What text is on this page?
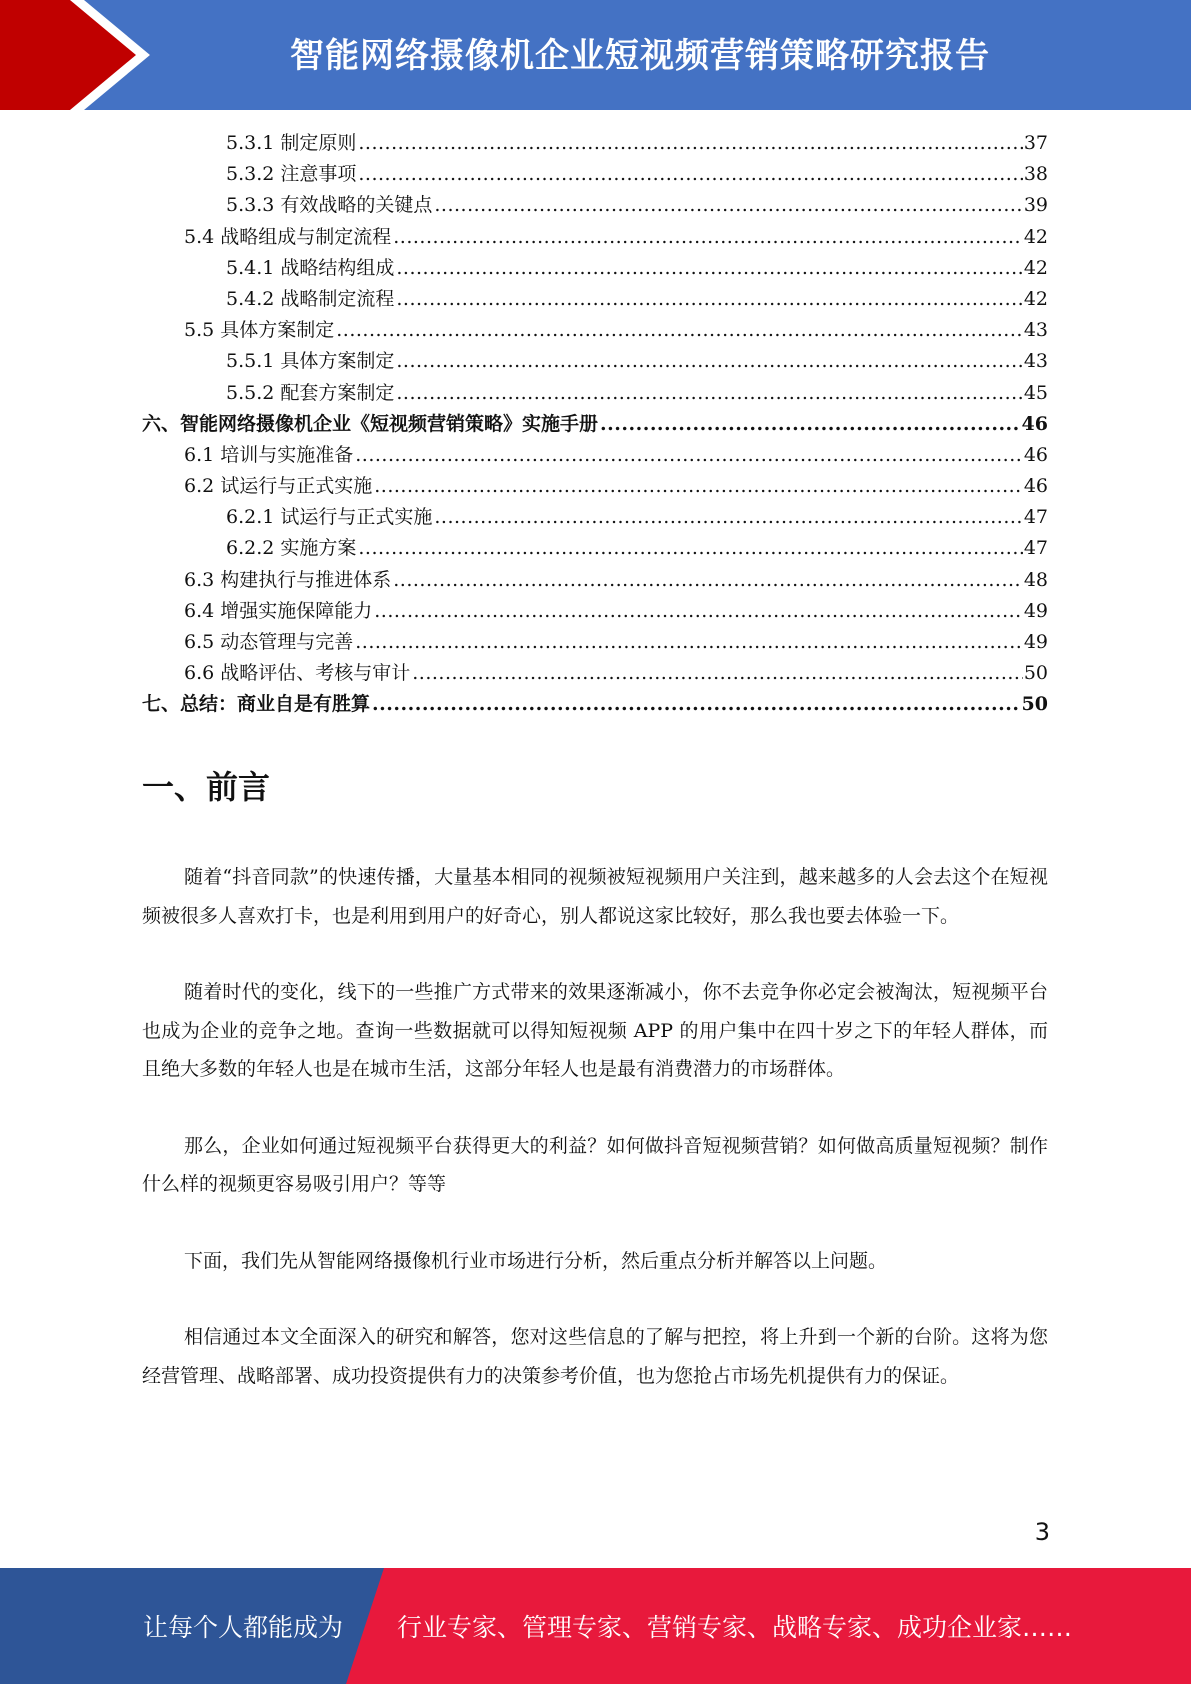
智能网络摄像机企业短视频营销策略研究报告
5.3.1 制定原则 .....	37
5.3.2 注意事项 .....	38
5.3.3 有效战略的关键点 .....	39
5.4 战略组成与制定流程 .....	42
5.4.1 战略结构组成 .....	42
5.4.2 战略制定流程 .....	42
5.5 具体方案制定 .....	43
5.5.1 具体方案制定 .....	43
5.5.2 配套方案制定 .....	45
六、智能网络摄像机企业《短视频营销策略》实施手册 .....	46
6.1 培训与实施准备 .....	46
6.2 试运行与正式实施 .....	46
6.2.1 试运行与正式实施 .....	47
6.2.2 实施方案 .....	47
6.3 构建执行与推进体系 .....	48
6.4 增强实施保障能力 .....	49
6.5 动态管理与完善 .....	49
6.6 战略评估、考核与审计 .....	50
七、总结：商业自是有胜算 .....	50
一、前言

随着“抖音同款”的快速传播，大量基本相同的视频被短视频用户关注到，越来越多的人会去这个在短视频被很多人喜欢打卡，也是利用到用户的好奇心，别人都说这家比较好，那么我也要去体验一下。

随着时代的变化，线下的一些推广方式带来的效果逐渐减小，你不去竞争你必定会被淘汰，短视频平台也成为企业的竞争之地。查询一些数据就可以得知短视频 APP 的用户集中在四十岁之下的年轻人群体，而且绝大多数的年轻人也是在城市生活，这部分年轻人也是最有消费潜力的市场群体。

那么，企业如何通过短视频平台获得更大的利益？如何做抖音短视频营销？如何做高质量短视频？制作什么样的视频更容易吸引用户？等等

下面，我们先从智能网络摄像机行业市场进行分析，然后重点分析并解答以上问题。

相信通过本文全面深入的研究和解答，您对这些信息的了解与把控，将上升到一个新的台阶。这将为您经营管理、战略部署、成功投资提供有力的决策参考价值，也为您抢占市场先机提供有力的保证。

3
让每个人都能成为 行业专家、管理专家、营销专家、战略专家、成功企业家……
